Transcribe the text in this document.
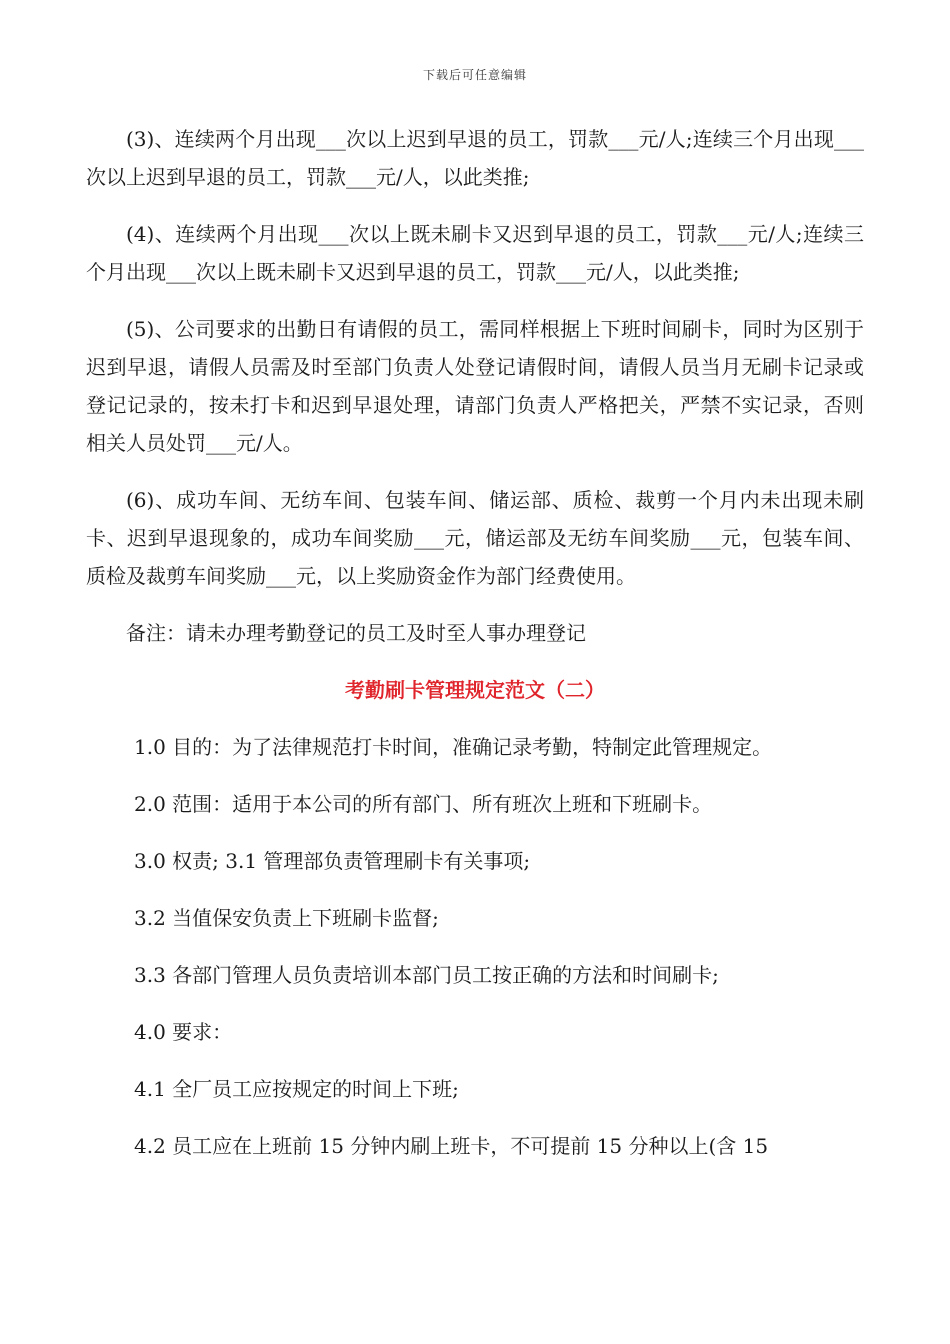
下载后可任意编辑

(3)、连续两个月出现___次以上迟到早退的员工，罚款___元/人;连续三个月出现___次以上迟到早退的员工，罚款___元/人，以此类推;

(4)、连续两个月出现___次以上既未刷卡又迟到早退的员工，罚款___元/人;连续三个月出现___次以上既未刷卡又迟到早退的员工，罚款___元/人，以此类推;

(5)、公司要求的出勤日有请假的员工，需同样根据上下班时间刷卡，同时为区别于迟到早退，请假人员需及时至部门负责人处登记请假时间，请假人员当月无刷卡记录或登记记录的，按未打卡和迟到早退处理，请部门负责人严格把关，严禁不实记录，否则相关人员处罚___元/人。

(6)、成功车间、无纺车间、包装车间、储运部、质检、裁剪一个月内未出现未刷卡、迟到早退现象的，成功车间奖励___元，储运部及无纺车间奖励___元，包装车间、质检及裁剪车间奖励___元，以上奖励资金作为部门经费使用。

备注：请未办理考勤登记的员工及时至人事办理登记

考勤刷卡管理规定范文（二）

1.0 目的：为了法律规范打卡时间，准确记录考勤，特制定此管理规定。

2.0 范围：适用于本公司的所有部门、所有班次上班和下班刷卡。

3.0 权责; 3.1 管理部负责管理刷卡有关事项;

3.2 当值保安负责上下班刷卡监督;

3.3 各部门管理人员负责培训本部门员工按正确的方法和时间刷卡;

4.0 要求：

4.1 全厂员工应按规定的时间上下班;

4.2 员工应在上班前 15 分钟内刷上班卡，不可提前 15 分种以上(含 15
